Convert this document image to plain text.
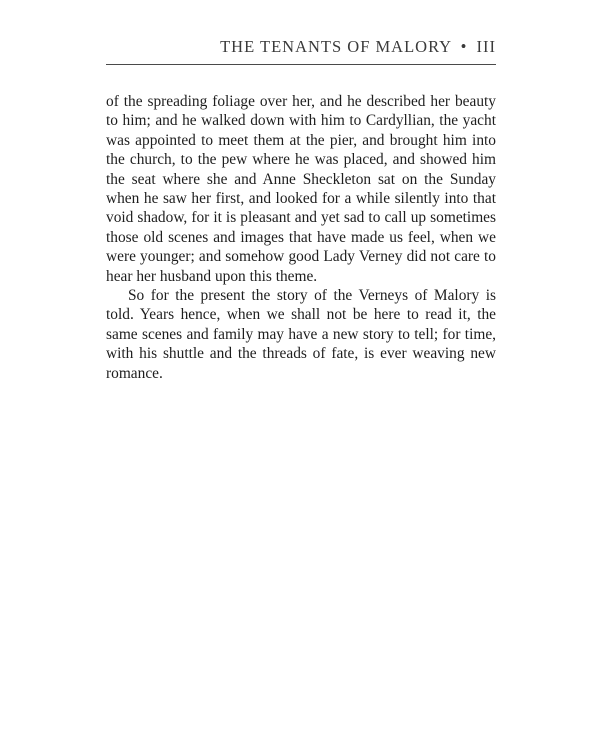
THE TENANTS OF MALORY • III

of the spreading foliage over her, and he described her beauty
to him; and he walked down with him to Cardyllian, the yacht
was appointed to meet them at the pier, and brought him into
the church, to the pew where he was placed, and showed him
the seat where she and Anne Sheckleton sat on the Sunday
when he saw her first, and looked for a while silently into that
void shadow, for it is pleasant and yet sad to call up sometimes
those old scenes and images that have made us feel, when we
were younger; and somehow good Lady Verney did not care to
hear her husband upon this theme.

So for the present the story of the Verneys of Malory is
told. Years hence, when we shall not be here to read it, the
same scenes and family may have a new story to tell; for time,
with his shuttle and the threads of fate, is ever weaving new
romance.
